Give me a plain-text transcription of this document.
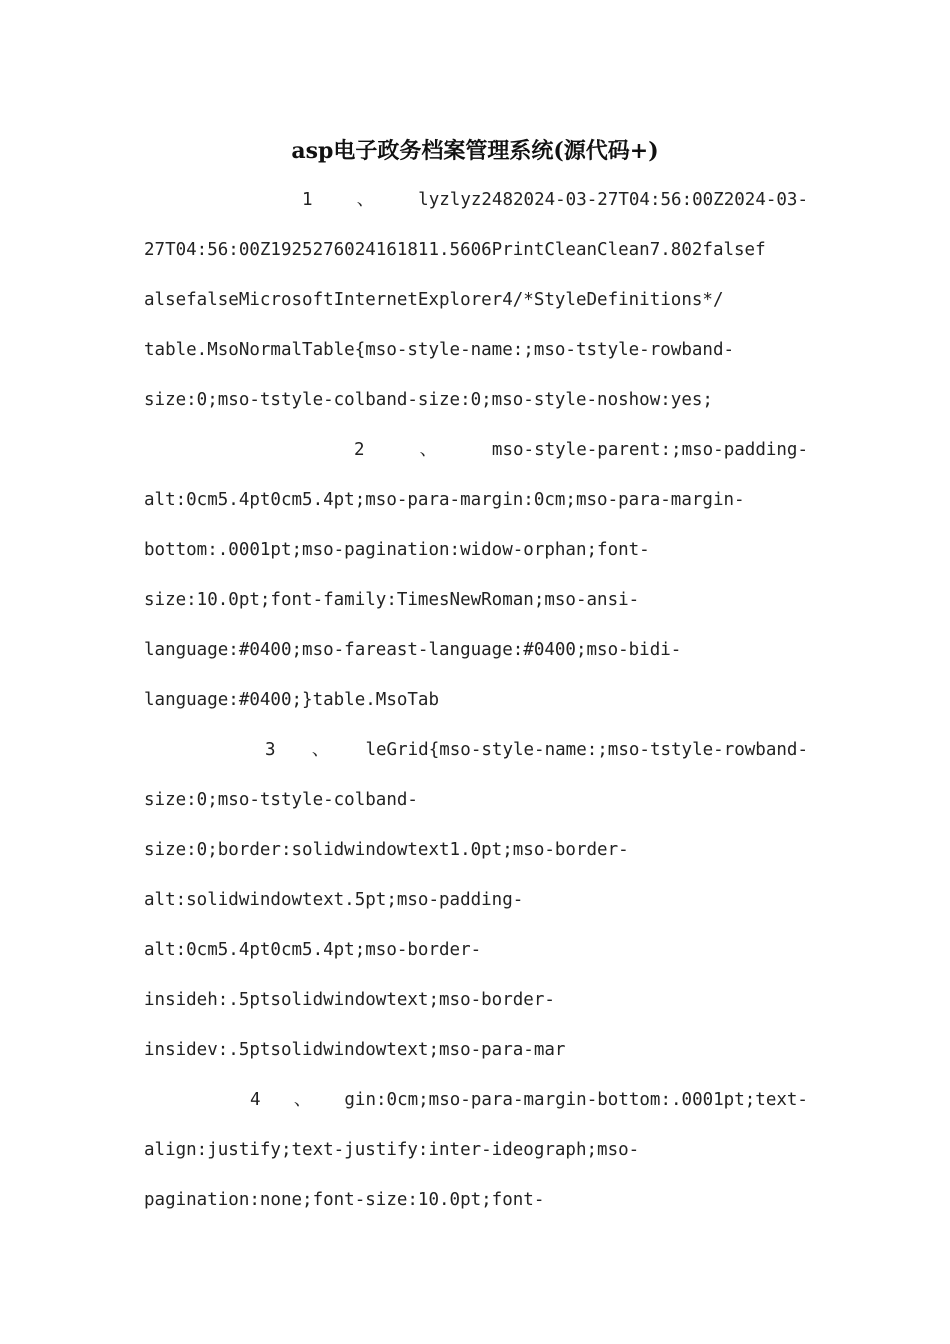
asp电子政务档案管理系统(源代码+)
1	、	lyzlyz2482024-03-27T04:56:00Z2024-03-
27T04:56:00Z1925276024161811.5606PrintCleanClean7.802falsef
alsefalseMicrosoftInternetExplorer4/*StyleDefinitions*/
table.MsoNormalTable{mso-style-name:;mso-tstyle-rowband-
size:0;mso-tstyle-colband-size:0;mso-style-noshow:yes;
2	、	mso-style-parent:;mso-padding-
alt:0cm5.4pt0cm5.4pt;mso-para-margin:0cm;mso-para-margin-
bottom:.0001pt;mso-pagination:widow-orphan;font-
size:10.0pt;font-family:TimesNewRoman;mso-ansi-
language:#0400;mso-fareast-language:#0400;mso-bidi-
language:#0400;}table.MsoTab
3 、 leGrid{mso-style-name:;mso-tstyle-rowband-
size:0;mso-tstyle-colband-
size:0;border:solidwindowtext1.0pt;mso-border-
alt:solidwindowtext.5pt;mso-padding-
alt:0cm5.4pt0cm5.4pt;mso-border-
insideh:.5ptsolidwindowtext;mso-border-
insidev:.5ptsolidwindowtext;mso-para-mar
4 、 gin:0cm;mso-para-margin-bottom:.0001pt;text-
align:justify;text-justify:inter-ideograph;mso-
pagination:none;font-size:10.0pt;font-
